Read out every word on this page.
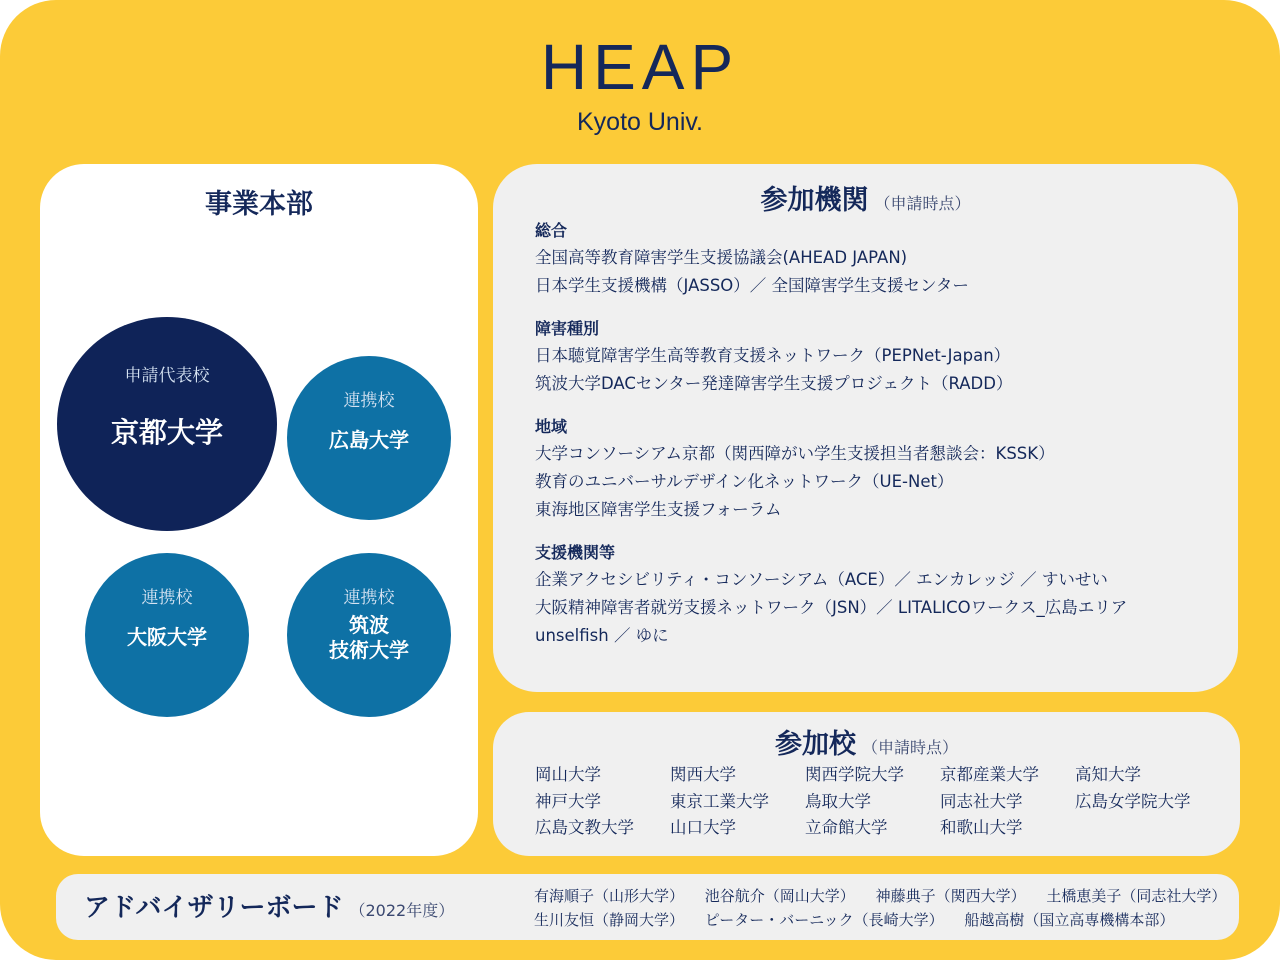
HEAP
Kyoto Univ.
事業本部
申請代表校
京都大学
連携校
広島大学
連携校
大阪大学
連携校
筑波
技術大学
参加機関 （申請時点）
総合
全国高等教育障害学生支援協議会(AHEAD JAPAN)
日本学生支援機構（JASSO）／ 全国障害学生支援センター
障害種別
日本聴覚障害学生高等教育支援ネットワーク（PEPNet-Japan）
筑波大学DACセンター発達障害学生支援プロジェクト（RADD）
地域
大学コンソーシアム京都（関西障がい学生支援担当者懇談会：KSSK）
教育のユニバーサルデザイン化ネットワーク（UE-Net）
東海地区障害学生支援フォーラム
支援機関等
企業アクセシビリティ・コンソーシアム（ACE）／ エンカレッジ ／ すいせい
大阪精神障害者就労支援ネットワーク（JSN）／ LITALICOワークス_広島エリア
unselfish ／ ゆに
参加校 （申請時点）
岡山大学	関西大学	関西学院大学	京都産業大学	高知大学
神戸大学	東京工業大学	鳥取大学	同志社大学	広島女学院大学
広島文教大学	山口大学	立命館大学	和歌山大学
アドバイザリーボード （2022年度）
有海順子（山形大学） 池谷航介（岡山大学） 神藤典子（関西大学） 土橋恵美子（同志社大学）
生川友恒（静岡大学） ピーター・バーニック（長崎大学） 船越高樹（国立高専機構本部）
